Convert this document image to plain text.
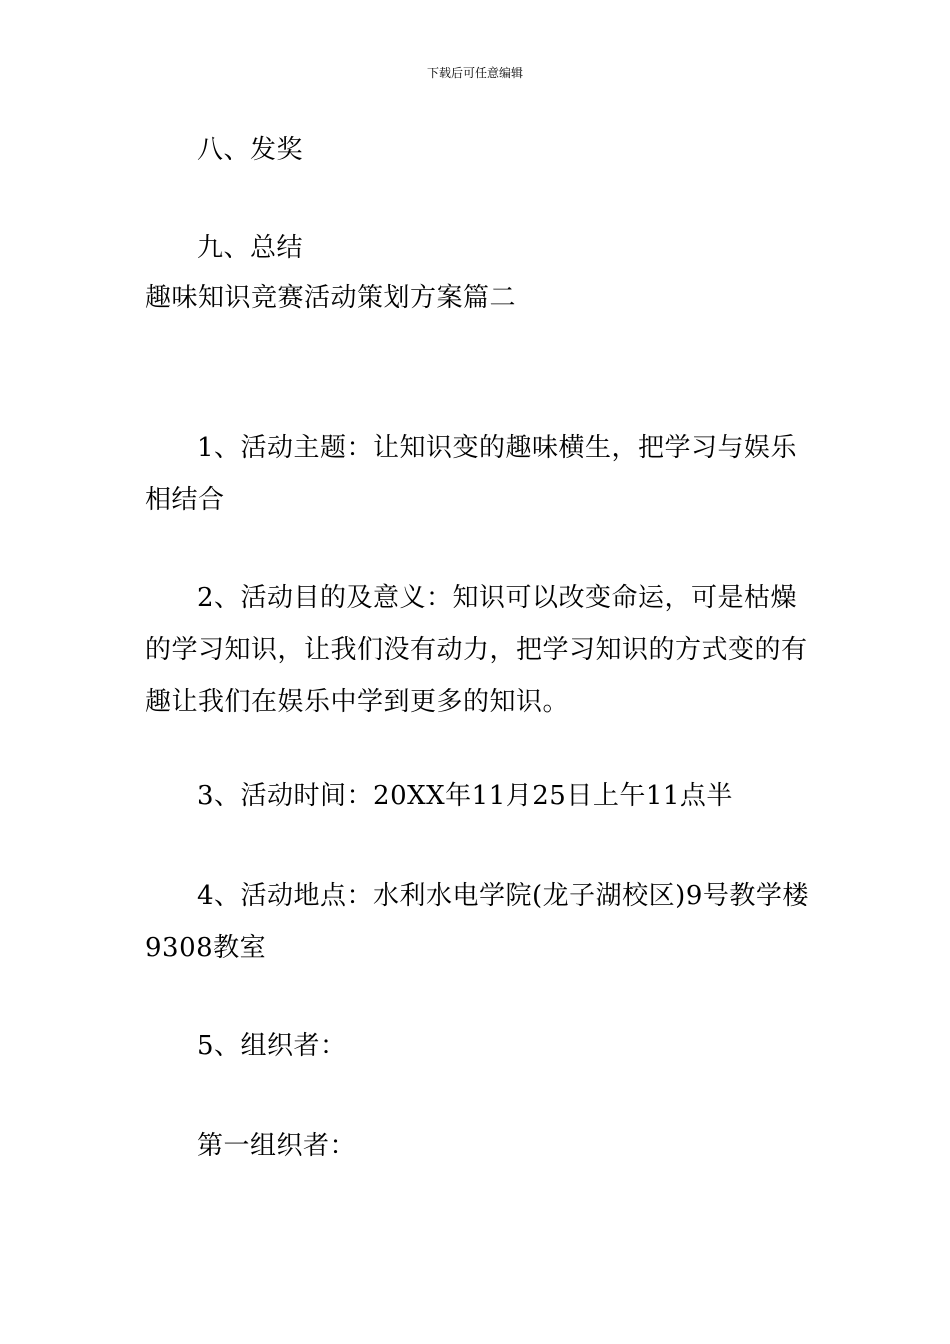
下载后可任意编辑
八、发奖
九、总结
趣味知识竞赛活动策划方案篇二
1、活动主题：让知识变的趣味横生，把学习与娱乐相结合
2、活动目的及意义：知识可以改变命运，可是枯燥的学习知识，让我们没有动力，把学习知识的方式变的有趣让我们在娱乐中学到更多的知识。
3、活动时间：20XX年11月25日上午11点半
4、活动地点：水利水电学院(龙子湖校区)9号教学楼9308教室
5、组织者：
第一组织者：
